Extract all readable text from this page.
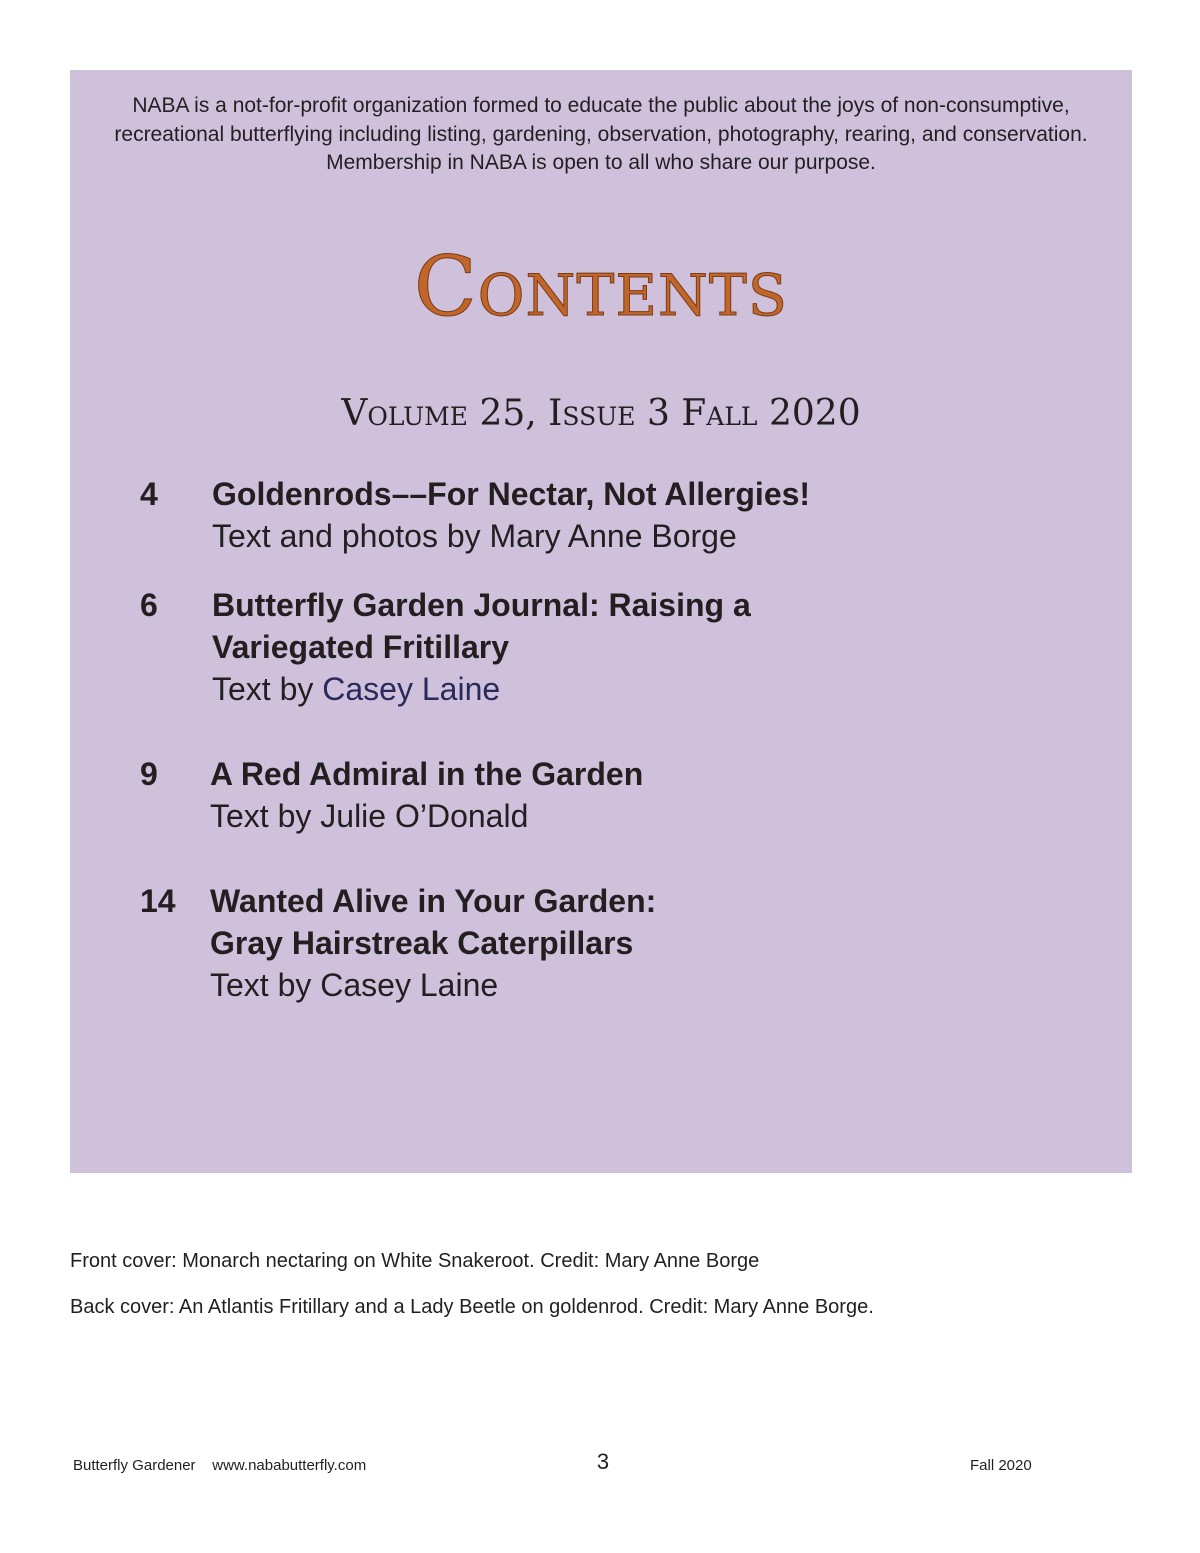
NABA is a not-for-profit organization formed to educate the public about the joys of non-consumptive, recreational butterflying including listing, gardening, observation, photography, rearing, and conservation. Membership in NABA is open to all who share our purpose.
Contents
Volume 25, Issue 3 Fall 2020
4 Goldenrods––For Nectar, Not Allergies!
Text and photos by Mary Anne Borge
6 Butterfly Garden Journal: Raising a
Variegated Fritillary
Text by Casey Laine
9 A Red Admiral in the Garden
Text by Julie O’Donald
14 Wanted Alive in Your Garden:
Gray Hairstreak Caterpillars
Text by Casey Laine
Front cover: Monarch nectaring on White Snakeroot. Credit: Mary Anne Borge
Back cover: An Atlantis Fritillary and a Lady Beetle on goldenrod. Credit: Mary Anne Borge.
Butterfly Gardener www.nababutterfly.com	3	Fall 2020
